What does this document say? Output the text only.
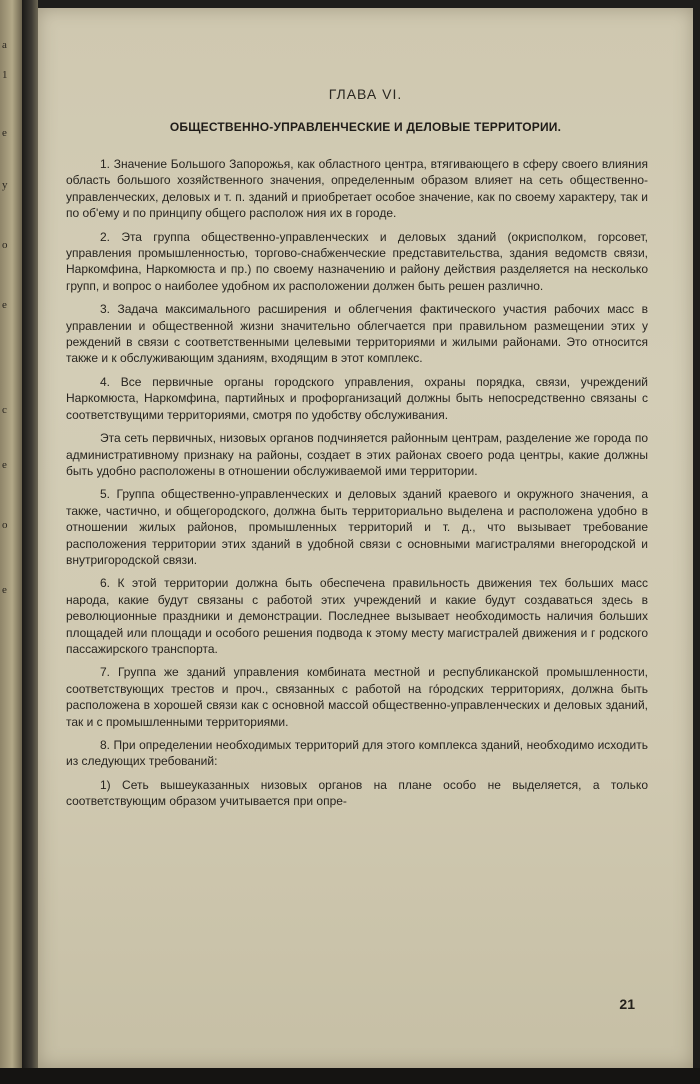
а
1
е
у
о
е
с
е
о
е
ГЛАВА VI.
ОБЩЕСТВЕННО-УПРАВЛЕНЧЕСКИЕ И ДЕЛОВЫЕ ТЕРРИТОРИИ.

1. Значение Большого Запорожья, как областного центра, втягивающего в сферу своего влияния область большого хозяйственного значения, определенным образом влияет на сеть общественно-управленческих, деловых и т. п. зданий и приобретает особое значение, как по своему характеру, так и по об'ему и по принципу общего располож ния их в городе.

2. Эта группа общественно-управленческих и деловых зданий (окрисполком, горсовет, управления промышленностью, торгово-снабженческие представительства, здания ведомств связи, Наркомфина, Наркомюста и пр.) по своему назначению и району действия разделяется на несколько групп, и вопрос о наиболее удобном их расположении должен быть решен различно.

3. Задача максимального расширения и облегчения фактического участия рабочих масс в управлении и общественной жизни значительно облегчается при правильном размещении этих у реждений в связи с соответственными целевыми территориями и жилыми районами. Это относится также и к обслуживающим зданиям, входящим в этот комплекс.

4. Все первичные органы городского управления, охраны порядка, связи, учреждений Наркомюста, Наркомфина, партийных и профорганизаций должны быть непосредственно связаны с соответствущими территориями, смотря по удобству обслуживания.

Эта сеть первичных, низовых органов подчиняется районным центрам, разделение же города по административному признаку на районы, создает в этих районах своего рода центры, какие должны быть удобно расположены в отношении обслуживаемой ими территории.

5. Группа общественно-управленческих и деловых зданий краевого и окружного значения, а также, частично, и общегородского, должна быть территориально выделена и расположена удобно в отношении жилых районов, промышленных территорий и т. д., что вызывает требование расположения территории этих зданий в удобной связи с основными магистралями внегородской и внутригородской связи.

6. К этой территории должна быть обеспечена правильность движения тех больших масс народа, какие будут связаны с работой этих учреждений и какие будут создаваться здесь в революционные праздники и демонстрации. Последнее вызывает необходимость наличия больших площадей или площади и особого решения подвода к этому месту магистралей движения и г родского пассажирского транспорта.

7. Группа же зданий управления комбината местной и республиканской промышленности, соответствующих трестов и проч., связанных с работой на го́родских территориях, должна быть расположена в хорошей связи как с основной массой общественно-управленческих и деловых зданий, так и с промышленными территориями.

8. При определении необходимых территорий для этого комплекса зданий, необходимо исходить из следующих требований:

1) Сеть вышеуказанных низовых органов на плане особо не выделяется, а только соответствующим образом учитывается при опре-

21
